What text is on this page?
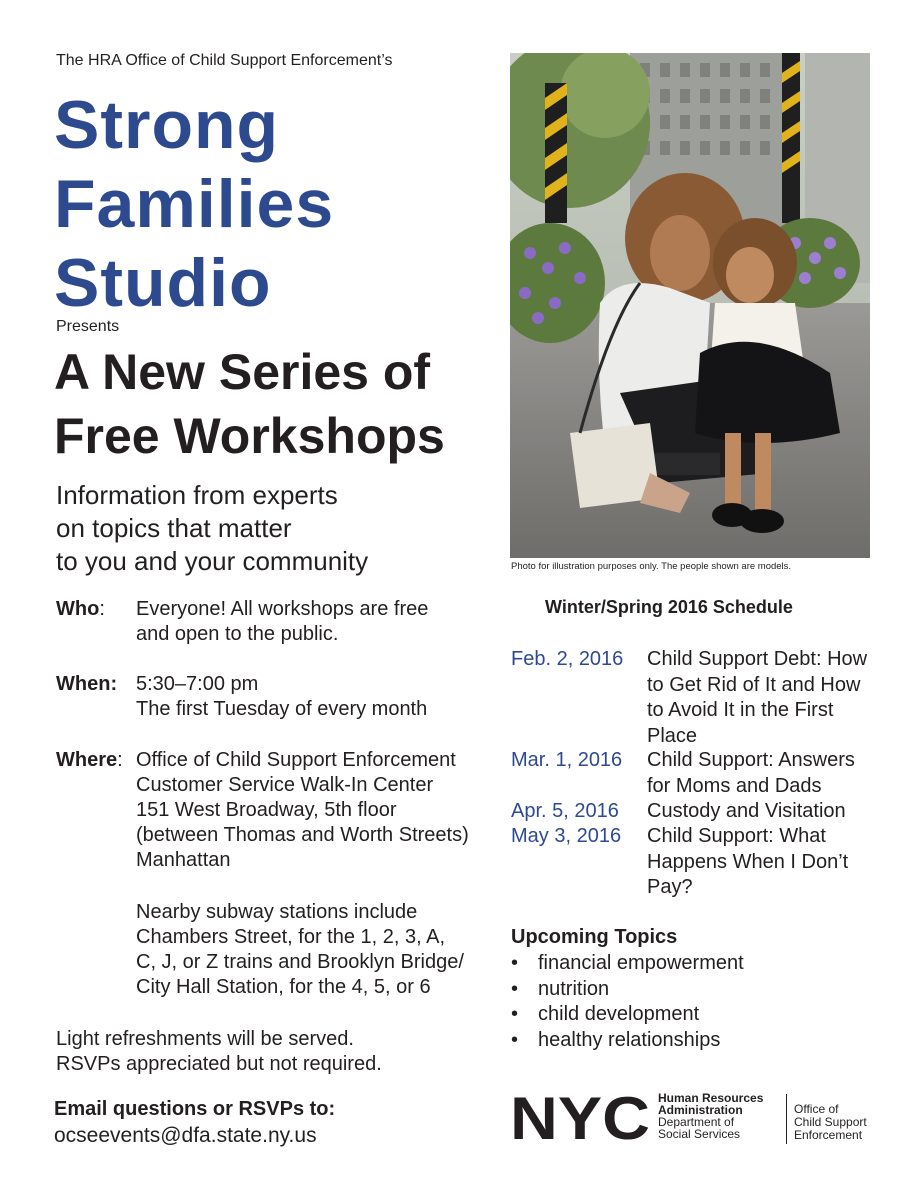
The HRA Office of Child Support Enforcement’s
Strong
Families
Studio
Presents
A New Series of
Free Workshops
Information from experts
on topics that matter
to you and your community	Photo for illustration purposes only. The people shown are models.
Who: Everyone! All workshops are free
and open to the public.
When: 5:30–7:00 pm
The first Tuesday of every month
Where: Office of Child Support Enforcement
Customer Service Walk-In Center
151 West Broadway, 5th floor
(between Thomas and Worth Streets)
Manhattan
Nearby subway stations include
Chambers Street, for the 1, 2, 3, A,
C, J, or Z trains and Brooklyn Bridge/
City Hall Station, for the 4, 5, or 6
Light refreshments will be served.
RSVPs appreciated but not required.
Email questions or RSVPs to:
ocseevents@dfa.state.ny.us
Winter/Spring 2016 Schedule
Feb. 2, 2016 Child Support Debt: How to Get Rid of It and How to Avoid It in the First Place
Mar. 1, 2016 Child Support: Answers for Moms and Dads
Apr. 5, 2016 Custody and Visitation
May 3, 2016 Child Support: What Happens When I Don’t Pay?
Upcoming Topics
• financial empowerment
• nutrition
• child development
• healthy relationships
NYC Human Resources
Administration
Department of
Social Services
Office of
Child Support
Enforcement
